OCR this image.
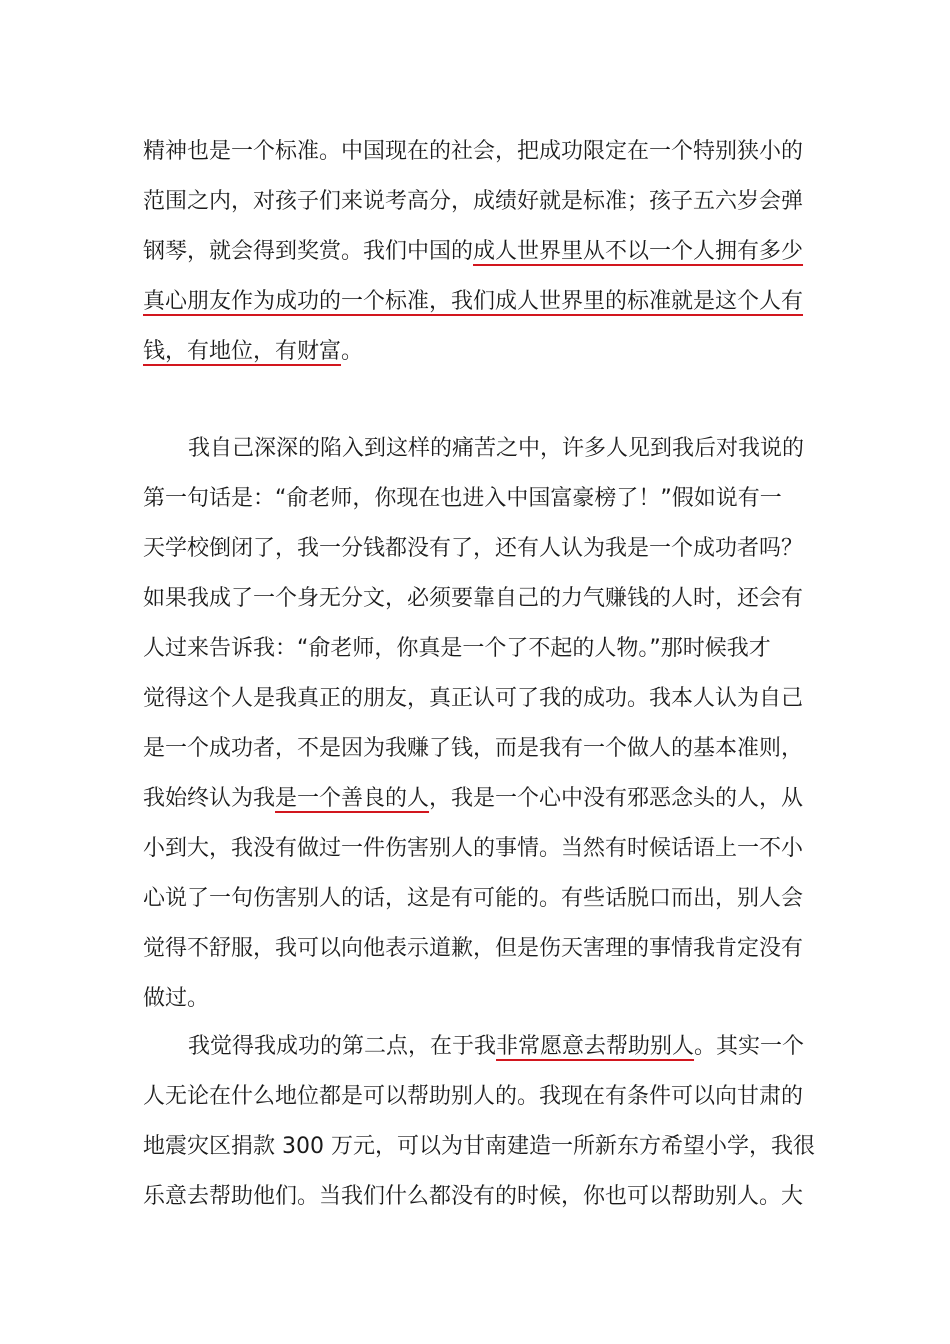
精神也是一个标准。中国现在的社会，把成功限定在一个特别狭小的
范围之内，对孩子们来说考高分，成绩好就是标准；孩子五六岁会弹
钢琴，就会得到奖赏。我们中国的成人世界里从不以一个人拥有多少
真心朋友作为成功的一个标准，我们成人世界里的标准就是这个人有
钱，有地位，有财富。
我自己深深的陷入到这样的痛苦之中，许多人见到我后对我说的
第一句话是：“俞老师，你现在也进入中国富豪榜了！”假如说有一
天学校倒闭了，我一分钱都没有了，还有人认为我是一个成功者吗？
如果我成了一个身无分文，必须要靠自己的力气赚钱的人时，还会有
人过来告诉我：“俞老师，你真是一个了不起的人物。”那时候我才
觉得这个人是我真正的朋友，真正认可了我的成功。我本人认为自己
是一个成功者，不是因为我赚了钱，而是我有一个做人的基本准则，
我始终认为我是一个善良的人，我是一个心中没有邪恶念头的人，从
小到大，我没有做过一件伤害别人的事情。当然有时候话语上一不小
心说了一句伤害别人的话，这是有可能的。有些话脱口而出，别人会
觉得不舒服，我可以向他表示道歉，但是伤天害理的事情我肯定没有
做过。
我觉得我成功的第二点，在于我非常愿意去帮助别人。其实一个
人无论在什么地位都是可以帮助别人的。我现在有条件可以向甘肃的
地震灾区捐款 300 万元，可以为甘南建造一所新东方希望小学，我很
乐意去帮助他们。当我们什么都没有的时候，你也可以帮助别人。大
